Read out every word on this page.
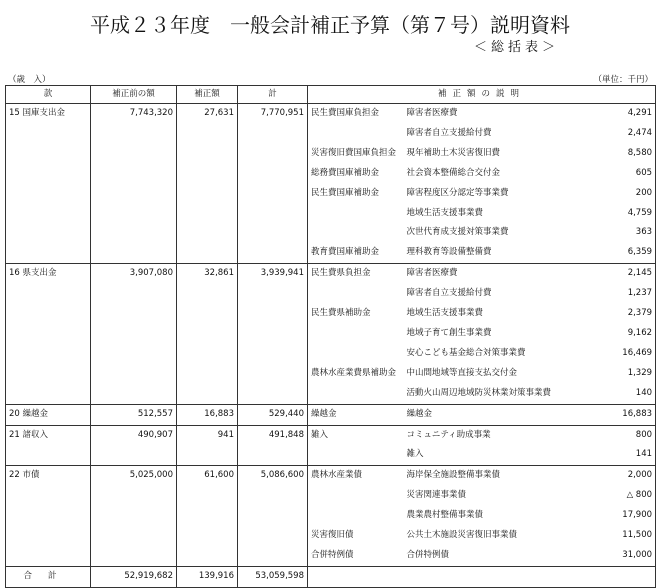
平成２３年度　一般会計補正予算（第７号）説明資料
＜総括表＞
（歳　入）	（単位：千円）
款	補正前の額	補正額	計	補正額の説明		
15 国庫支出金	7,743,320	27,631	7,770,951	民生費国庫負担金	障害者医療費	4,291
					障害者自立支援給付費	2,474
				災害復旧費国庫負担金	現年補助土木災害復旧費	8,580
				総務費国庫補助金	社会資本整備総合交付金	605
				民生費国庫補助金	障害程度区分認定等事業費	200
					地域生活支援事業費	4,759
					次世代育成支援対策事業費	363
				教育費国庫補助金	理科教育等設備整備費	6,359
16 県支出金	3,907,080	32,861	3,939,941	民生費県負担金	障害者医療費	2,145
					障害者自立支援給付費	1,237
				民生費県補助金	地域生活支援事業費	2,379
					地域子育て創生事業費	9,162
					安心こども基金総合対策事業費	16,469
				農林水産業費県補助金	中山間地域等直接支払交付金	1,329
					活動火山周辺地域防災林業対策事業費	140
20 繰越金	512,557	16,883	529,440	繰越金	繰越金	16,883
21 諸収入	490,907	941	491,848	雑入	コミュニティ助成事業	800
					雑入	141
22 市債	5,025,000	61,600	5,086,600	農林水産業債	海岸保全施設整備事業債	2,000
					災害関連事業債	△ 800
					農業農村整備事業債	17,900
				災害復旧債	公共土木施設災害復旧事業債	11,500
				合併特例債	合併特例債	31,000
合計	52,919,682	139,916	53,059,598			
